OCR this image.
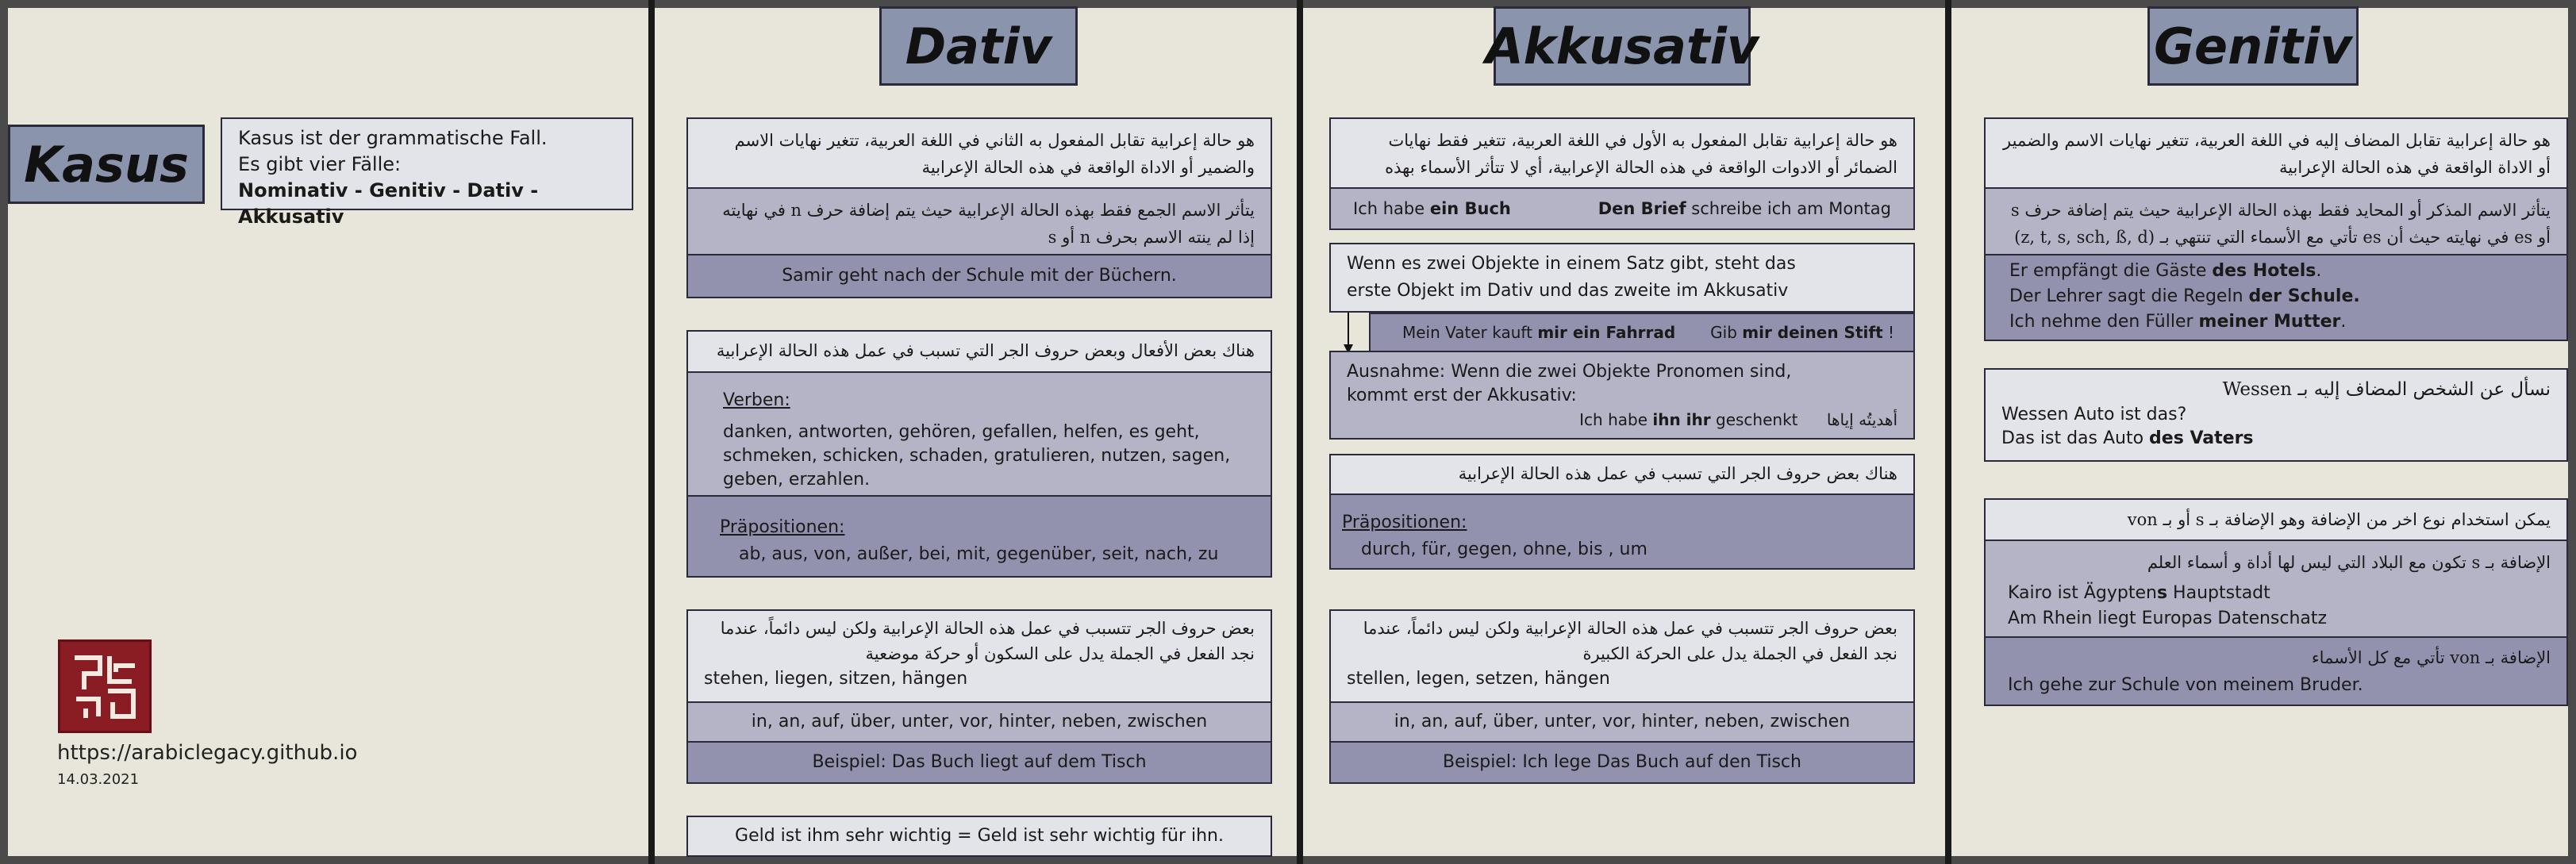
Kasus	Kasus ist der grammatische Fall.
Es gibt vier Fälle:
Nominativ - Genitiv - Dativ - Akkusativ
https://arabiclegacy.github.io
14.03.2021
Dativ
هو حالة إعرابية تقابل المفعول به الثاني في اللغة العربية، تتغير نهايات الاسم والضمير أو الاداة الواقعة في هذه الحالة الإعرابية
يتأثر الاسم الجمع فقط بهذه الحالة الإعرابية حيث يتم إضافة حرف n في نهايته إذا لم ينته الاسم بحرف n أو s
Samir geht nach der Schule mit der Büchern.
هناك بعض الأفعال وبعض حروف الجر التي تسبب في عمل هذه الحالة الإعرابية
Verben:
danken, antworten, gehören, gefallen, helfen, es geht, schmeken, schicken, schaden, gratulieren, nutzen, sagen, geben, erzahlen.
Präpositionen:
ab, aus, von, außer, bei, mit, gegenüber, seit, nach, zu
بعض حروف الجر تتسبب في عمل هذه الحالة الإعرابية ولكن ليس دائماً، عندما نجد الفعل في الجملة يدل على السكون أو حركة موضعية
stehen, liegen, sitzen, hängen
in, an, auf, über, unter, vor, hinter, neben, zwischen
Beispiel: Das Buch liegt auf dem Tisch
Geld ist ihm sehr wichtig = Geld ist sehr wichtig für ihn.
Akkusativ
هو حالة إعرابية تقابل المفعول به الأول في اللغة العربية، تتغير فقط نهايات الضمائر أو الادوات الواقعة في هذه الحالة الإعرابية، أي لا تتأثر الأسماء بهذه
Ich habe ein Buch	Den Brief schreibe ich am Montag
Wenn es zwei Objekte in einem Satz gibt, steht das
erste Objekt im Dativ und das zweite im Akkusativ
Mein Vater kauft mir ein Fahrrad Gib mir deinen Stift !
Ausnahme: Wenn die zwei Objekte Pronomen sind,
kommt erst der Akkusativ:
Ich habe ihn ihr geschenkt أهديتُه إياها
هناك بعض حروف الجر التي تسبب في عمل هذه الحالة الإعرابية
Präpositionen:
durch, für, gegen, ohne, bis , um
بعض حروف الجر تتسبب في عمل هذه الحالة الإعرابية ولكن ليس دائماً، عندما نجد الفعل في الجملة يدل على الحركة الكبيرة
stellen, legen, setzen, hängen
in, an, auf, über, unter, vor, hinter, neben, zwischen
Beispiel: Ich lege Das Buch auf den Tisch
Genitiv
هو حالة إعرابية تقابل المضاف إليه في اللغة العربية، تتغير نهايات الاسم والضمير أو الاداة الواقعة في هذه الحالة الإعرابية
يتأثر الاسم المذكر أو المحايد فقط بهذه الحالة الإعرابية حيث يتم إضافة حرف s أو es في نهايته حيث أن es تأتي مع الأسماء التي تنتهي بـ (z, t, s, sch, ß, d)
Er empfängt die Gäste des Hotels.
Der Lehrer sagt die Regeln der Schule.
Ich nehme den Füller meiner Mutter.
نسأل عن الشخص المضاف إليه بـ Wessen
Wessen Auto ist das?
Das ist das Auto des Vaters
يمكن استخدام نوع اخر من الإضافة وهو الإضافة بـ s أو بـ von
الإضافة بـ s تكون مع البلاد التي ليس لها أداة و أسماء العلم
Kairo ist Ägyptens Hauptstadt
Am Rhein liegt Europas Datenschatz
الإضافة بـ von تأتي مع كل الأسماء
Ich gehe zur Schule von meinem Bruder.
